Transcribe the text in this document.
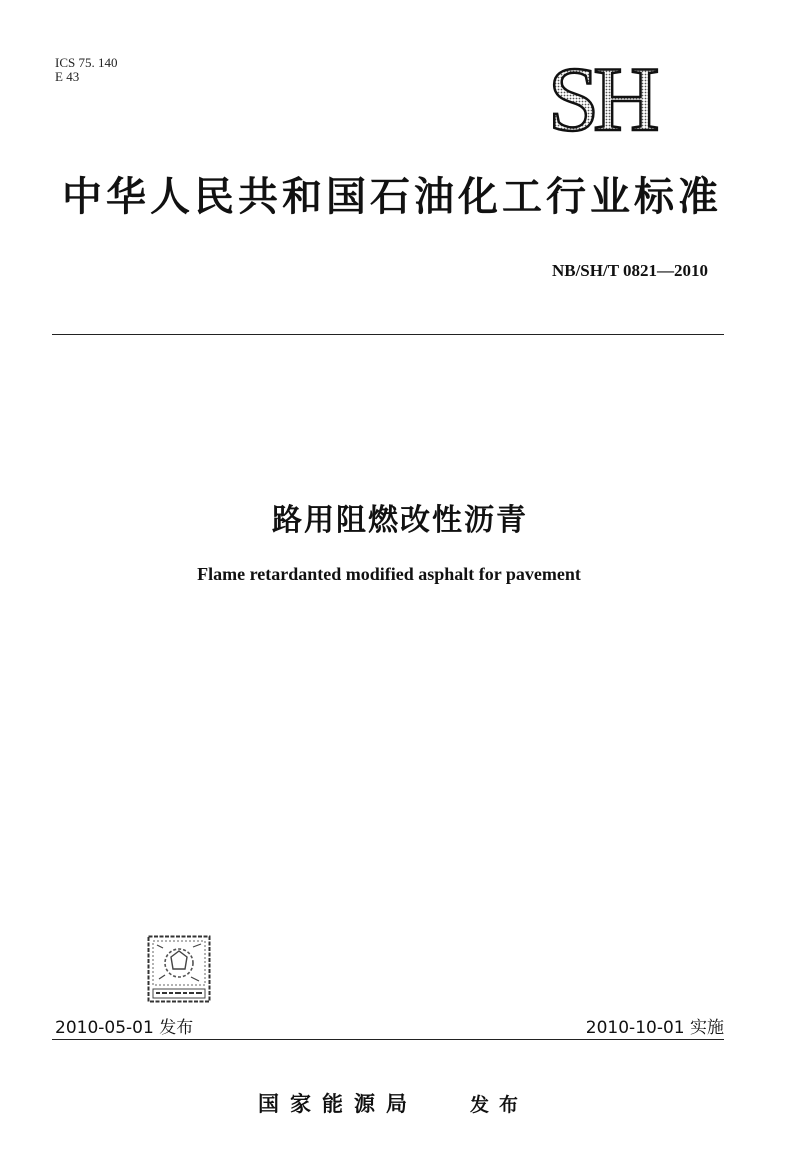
ICS 75. 140
E 43	SH
中华人民共和国石油化工行业标准
NB/SH/T 0821—2010
路用阻燃改性沥青
Flame retardanted modified asphalt for pavement
2010-05-01 发布	2010-10-01 实施
国家能源局	发布
